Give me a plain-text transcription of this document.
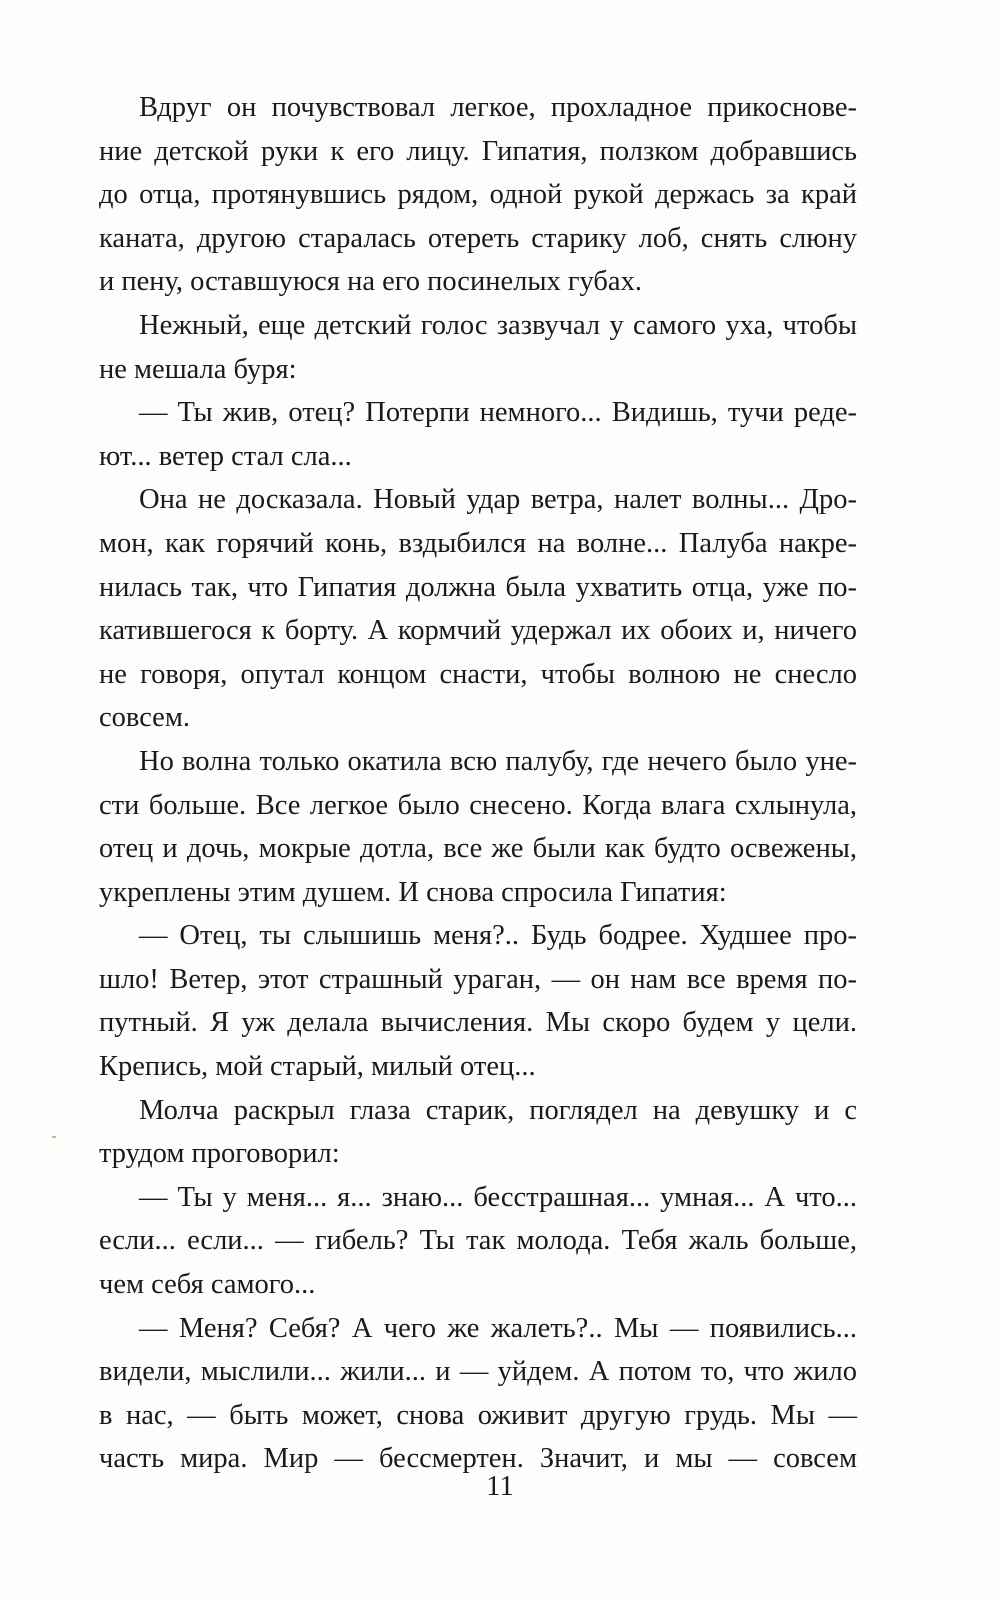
Вдруг он почувствовал легкое, прохладное прикоснове-
ние детской руки к его лицу. Гипатия, ползком добравшись
до отца, протянувшись рядом, одной рукой держась за край
каната, другою старалась отереть старику лоб, снять слюну
и пену, оставшуюся на его посинелых губах.
Нежный, еще детский голос зазвучал у самого уха, чтобы
не мешала буря:
— Ты жив, отец? Потерпи немного... Видишь, тучи реде-
ют... ветер стал сла...
Она не досказала. Новый удар ветра, налет волны... Дро-
мон, как горячий конь, вздыбился на волне... Палуба накре-
нилась так, что Гипатия должна была ухватить отца, уже по-
катившегося к борту. А кормчий удержал их обоих и, ничего
не говоря, опутал концом снасти, чтобы волною не снесло
совсем.
Но волна только окатила всю палубу, где нечего было уне-
сти больше. Все легкое было снесено. Когда влага схлынула,
отец и дочь, мокрые дотла, все же были как будто освежены,
укреплены этим душем. И снова спросила Гипатия:
— Отец, ты слышишь меня?.. Будь бодрее. Худшее про-
шло! Ветер, этот страшный ураган, — он нам все время по-
путный. Я уж делала вычисления. Мы скоро будем у цели.
Крепись, мой старый, милый отец...
Молча раскрыл глаза старик, поглядел на девушку и с
трудом проговорил:
— Ты у меня... я... знаю... бесстрашная... умная... А что...
если... если... — гибель? Ты так молода. Тебя жаль больше,
чем себя самого...
— Меня? Себя? А чего же жалеть?.. Мы — появились...
видели, мыслили... жили... и — уйдем. А потом то, что жило
в нас, — быть может, снова оживит другую грудь. Мы —
часть мира. Мир — бессмертен. Значит, и мы — совсем
11
